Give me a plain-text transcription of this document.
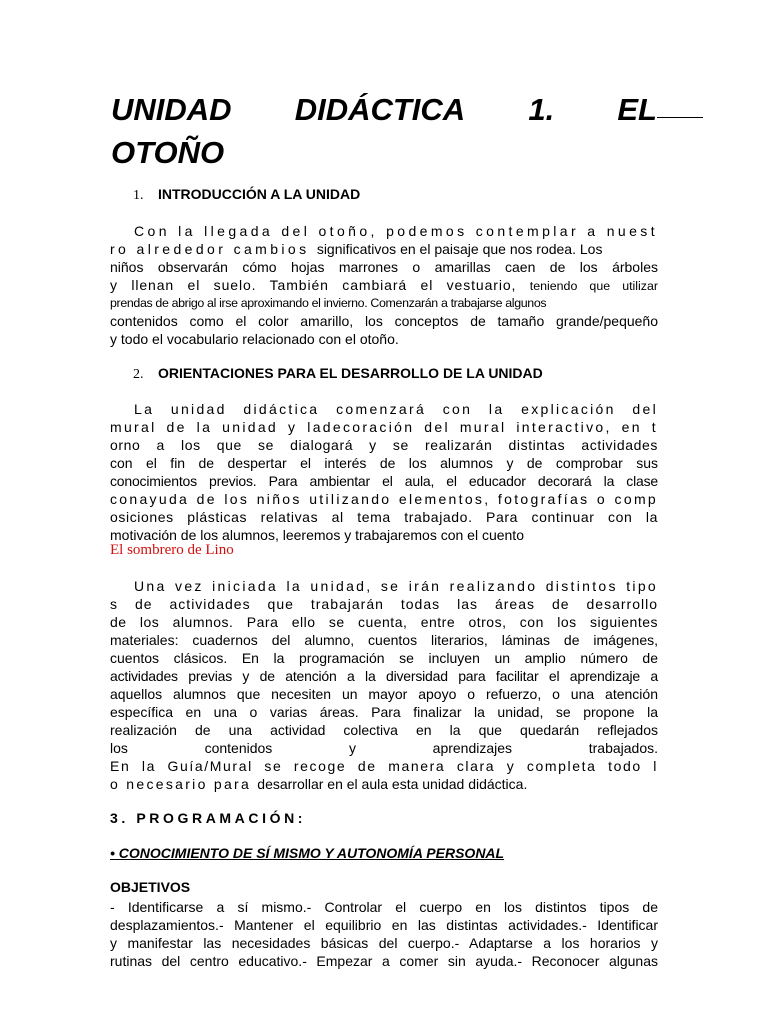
UNIDAD DIDÁCTICA 1. EL
OTOÑO
1. INTRODUCCIÓN A LA UNIDAD
Con la llegada del otoño, podemos contemplar a nuest
ro alrededor cambios significativos en el paisaje que nos rodea. Los
niños observarán cómo hojas marrones o amarillas caen de los árboles
y llenan el suelo. También cambiará el vestuario, teniendo que utilizar
prendas de abrigo al irse aproximando el invierno. Comenzarán a trabajarse algunos
contenidos como el color amarillo, los conceptos de tamaño grande/pequeño
y todo el vocabulario relacionado con el otoño.
2. ORIENTACIONES PARA EL DESARROLLO DE LA UNIDAD
La unidad didáctica comenzará con la explicación del
mural de la unidad y ladecoración del mural interactivo, en t
orno a los que se dialogará y se realizarán distintas actividades
con el fin de despertar el interés de los alumnos y de comprobar sus
conocimientos previos. Para ambientar el aula, el educador decorará la clase
conayuda de los niños utilizando elementos, fotografías o comp
osiciones plásticas relativas al tema trabajado. Para continuar con la
motivación de los alumnos, leeremos y trabajaremos con el cuento
El sombrero de Lino
Una vez iniciada la unidad, se irán realizando distintos tipo
s de actividades que trabajarán todas las áreas de desarrollo
de los alumnos. Para ello se cuenta, entre otros, con los siguientes
materiales: cuadernos del alumno, cuentos literarios, láminas de imágenes,
cuentos clásicos. En la programación se incluyen un amplio número de
actividades previas y de atención a la diversidad para facilitar el aprendizaje a
aquellos alumnos que necesiten un mayor apoyo o refuerzo, o una atención
específica en una o varias áreas. Para finalizar la unidad, se propone la
realización de una actividad colectiva en la que quedarán reflejados
los contenidos y aprendizajes trabajados.
En la Guía/Mural se recoge de manera clara y completa todo l
o necesario para desarrollar en el aula esta unidad didáctica.
3. PROGRAMACIÓN:
• CONOCIMIENTO DE SÍ MISMO Y AUTONOMÍA PERSONAL
OBJETIVOS
- Identificarse a sí mismo.- Controlar el cuerpo en los distintos tipos de
desplazamientos.- Mantener el equilibrio en las distintas actividades.- Identificar
y manifestar las necesidades básicas del cuerpo.- Adaptarse a los horarios y
rutinas del centro educativo.- Empezar a comer sin ayuda.- Reconocer algunas
